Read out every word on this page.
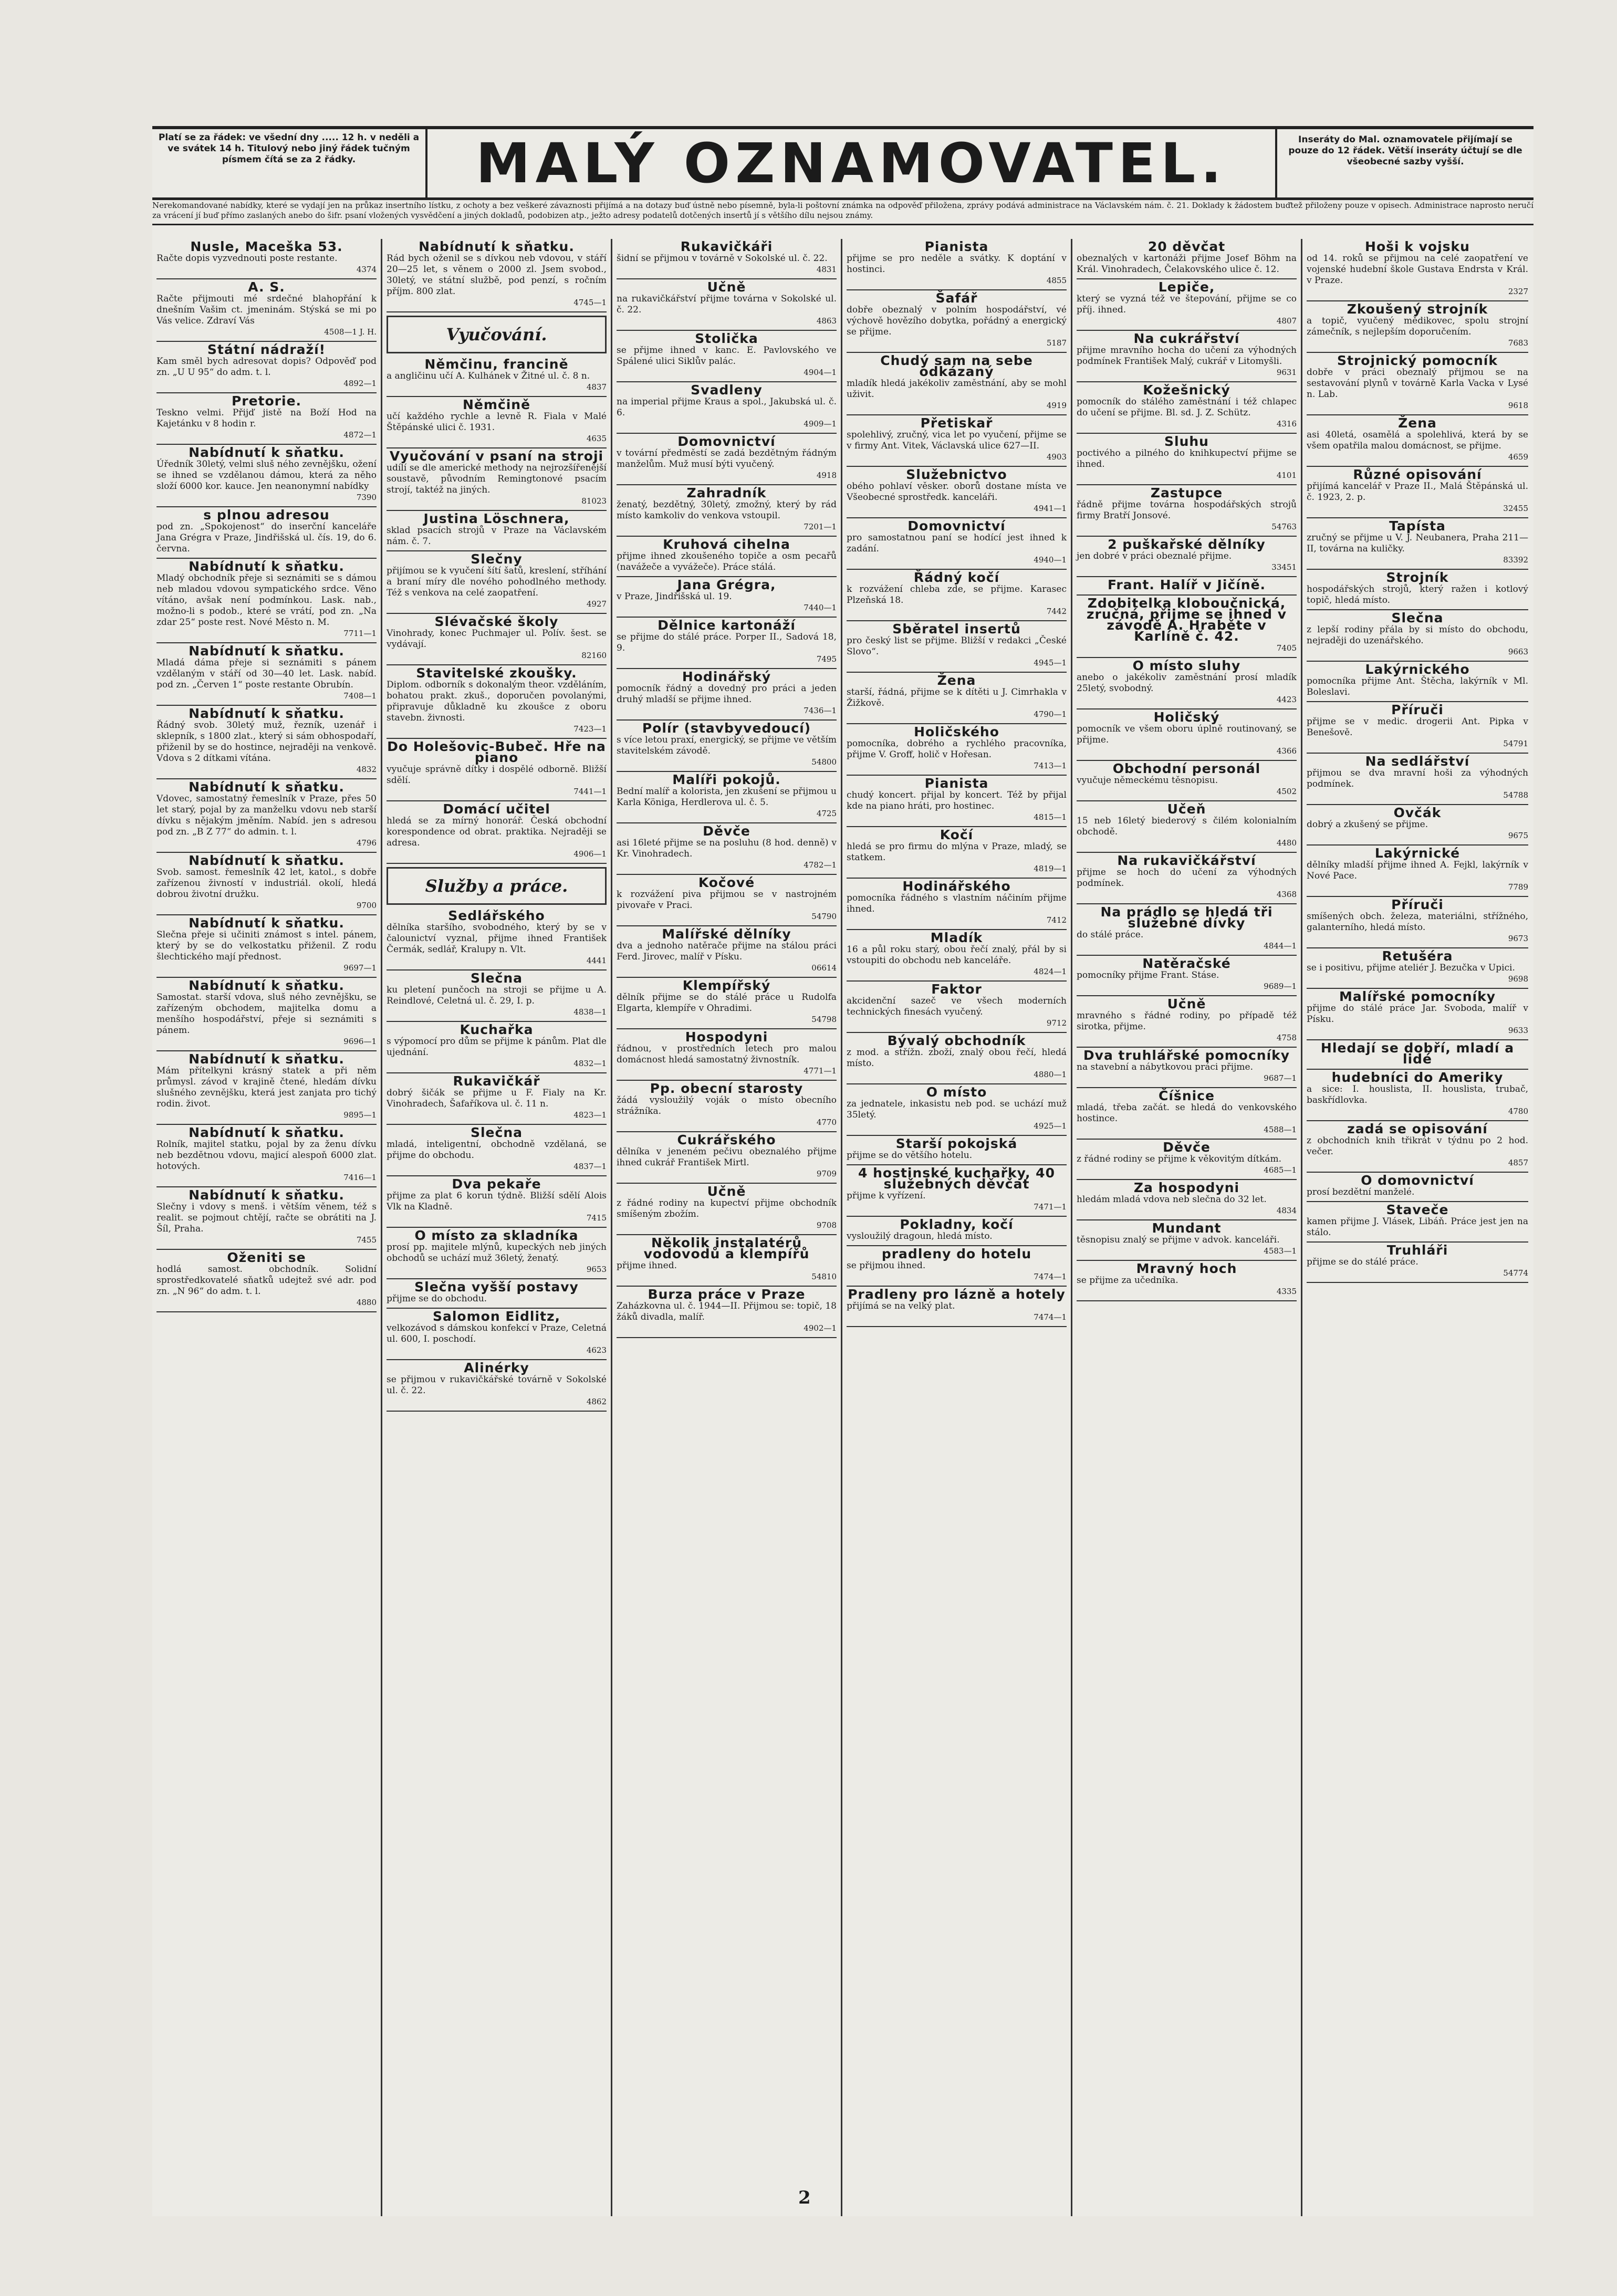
Platí se za řádek: ve všední dny ..... 12 h. v neděli a ve svátek 14 h. Titulový nebo jiný řádek tučným písmem čítá se za 2 řádky.	MALÝ OZNAMOVATEL.	Inseráty do Mal. oznamovatele přijímají se pouze do 12 řádek. Větší inseráty účtují se dle všeobecné sazby vyšší.
Nerekomandované nabídky, které se vydají jen na průkaz insertního lístku, z ochoty a bez veškeré závaznosti přijímá a na dotazy buď ústně nebo písemně, byla-li poštovní známka na odpověď přiložena, zprávy podává administrace na Václavském nám. č. 21. Doklady k žádostem buďtež přiloženy pouze v opisech. Administrace naprosto neručí za vrácení jí buď přímo zaslaných anebo do šifr. psaní vložených vysvědčení a jiných dokladů, podobizen atp., ježto adresy podatelů dotčených insertů jí s většího dílu nejsou známy.
Nusle, Maceška 53.
Račte dopis vyzvednouti poste restante.
4374
A. S.
Račte přijmouti mé srdečné blahopřání k dnešním Vašim ct. jmeninám. Stýská se mi po Vás velice. Zdraví Vás
4508—1 J. H.
Státní nádraží!
Kam směl bych adresovat dopis? Odpověď pod zn. „U U 95“ do adm. t. l.
4892—1
Pretorie.
Teskno velmi. Přijď jistě na Boží Hod na Kajetánku v 8 hodin r.
4872—1
Nabídnutí k sňatku.
Úředník 30letý, velmi sluš ného zevnějšku, ožení se ihned se vzdělanou dámou, která za něho složí 6000 kor. kauce. Jen neanonymní nabídky
7390
s plnou adresou
pod zn. „Spokojenost“ do inserční kanceláře Jana Grégra v Praze, Jindřišská ul. čís. 19, do 6. června.
Nabídnutí k sňatku.
Mladý obchodník přeje si seznámiti se s dámou neb mladou vdovou sympatického srdce. Věno vítáno, avšak není podmínkou. Lask. nab., možno-li s podob., které se vrátí, pod zn. „Na zdar 25“ poste rest. Nové Město n. M.
7711—1
Nabídnutí k sňatku.
Mladá dáma přeje si seznámiti s pánem vzdělaným v stáří od 30—40 let. Lask. nabíd. pod zn. „Červen 1“ poste restante Obrubín.
7408—1
Nabídnutí k sňatku.
Řádný svob. 30letý muž, řezník, uzenář i sklepník, s 1800 zlat., který si sám obhospodaří, přiženil by se do hostince, nejraději na venkově. Vdova s 2 dítkami vítána.
4832
Nabídnutí k sňatku.
Vdovec, samostatný řemeslník v Praze, přes 50 let starý, pojal by za manželku vdovu neb starší dívku s nějakým jměním. Nabíd. jen s adresou pod zn. „B Z 77“ do admin. t. l.
4796
Nabídnutí k sňatku.
Svob. samost. řemeslník 42 let, katol., s dobře zařízenou živností v industriál. okolí, hledá dobrou životní družku.
9700
Nabídnutí k sňatku.
Slečna přeje si učiniti známost s intel. pánem, který by se do velkostatku přiženil. Z rodu šlechtického mají přednost.
9697—1
Nabídnutí k sňatku.
Samostat. starší vdova, sluš ného zevnějšku, se zařízeným obchodem, majitelka domu a menšího hospodářství, přeje si seznámiti s pánem.
9696—1
Nabídnutí k sňatku.
Mám přítelkyni krásný statek a při něm průmysl. závod v krajině čtené, hledám dívku slušného zevnějšku, která jest zanjata pro tichý rodin. život.
9895—1
Nabídnutí k sňatku.
Rolník, majitel statku, pojal by za ženu dívku neb bezdětnou vdovu, majicí alespoň 6000 zlat. hotových.
7416—1
Nabídnutí k sňatku.
Slečny i vdovy s menš. i větším věnem, též s realit. se pojmout chtějí, račte se obrátiti na J. Šíl, Praha.
7455
Oženiti se
hodlá samost. obchodník. Solidní sprostředkovatelé sňatků udejtež své adr. pod zn. „N 96“ do adm. t. l.
4880
Nabídnutí k sňatku.
Rád bych oženil se s dívkou neb vdovou, v stáří 20—25 let, s věnem o 2000 zl. Jsem svobod., 30letý, ve státní službě, pod penzí, s ročním příjm. 800 zlat.
4745—1
Vyučování.
Němčinu, francině
a angličinu učí A. Kulhánek v Žitné ul. č. 8 n.
4837
Němčině
učí každého rychle a levně R. Fiala v Malé Štěpánské ulici č. 1931.
4635
Vyučování v psaní na stroji
udílí se dle americké methody na nejrozšířenější soustavě, původním Remingtonové psacím strojí, taktéž na jiných.
81023
Justina Löschnera,
sklad psacích strojů v Praze na Václavském nám. č. 7.
Slečny
přijímou se k vyučení šítí šatů, kreslení, stříhání a braní míry dle nového pohodlného methody. Též s venkova na celé zaopatření.
4927
Slévačské školy
Vinohrady, konec Puchmajer ul. Polív. šest. se vydávají.
82160
Stavitelské zkoušky.
Diplom. odborník s dokonalým theor. vzděláním, bohatou prakt. zkuš., doporučen povolanými, připravuje důkladně ku zkoušce z oboru stavebn. živnosti.
7423—1
Do Holešovic-Bubeč. Hře na piano
vyučuje správně dítky i dospělé odborně. Bližší sdělí.
7441—1
Domácí učitel
hledá se za mírný honorář. Česká obchodní korespondence od obrat. praktika. Nejraději se adresa.
4906—1
Služby a práce.
Sedlářského
dělníka staršího, svobodného, který by se v čalounictví vyznal, přijme ihned František Čermák, sedlář, Kralupy n. Vlt.
4441
Slečna
ku pletení punčoch na stroji se přijme u A. Reindlové, Celetná ul. č. 29, I. p.
4838—1
Kuchařka
s výpomocí pro dům se přijme k pánům. Plat dle ujednání.
4832—1
Rukavičkář
dobrý šičák se přijme u F. Fialy na Kr. Vinohradech, Šafaříkova ul. č. 11 n.
4823—1
Slečna
mladá, inteligentní, obchodně vzdělaná, se přijme do obchodu.
4837—1
Dva pekaře
přijme za plat 6 korun týdně. Bližší sdělí Alois Vlk na Kladně.
7415
O místo za skladníka
prosí pp. majitele mlýnů, kupeckých neb jiných obchodů se uchází muž 36letý, ženatý.
9653
Slečna vyšší postavy
přijme se do obchodu.
Salomon Eidlitz,
velkozávod s dámskou konfekcí v Praze, Celetná ul. 600, I. poschodí.
4623
Alinérky
se přijmou v rukavičkářské továrně v Sokolské ul. č. 22.
4862
Rukavičkáři
šidní se přijmou v továrně v Sokolské ul. č. 22.
4831
Učně
na rukavičkářství přijme továrna v Sokolské ul. č. 22.
4863
Stolička
se přijme ihned v kanc. E. Pavlovského ve Spálené ulici Siklův palác.
4904—1
Svadleny
na imperial přijme Kraus a spol., Jakubská ul. č. 6.
4909—1
Domovnictví
v tovární předměstí se zadá bezdětným řádným manželům. Muž musí býti vyučený.
4918
Zahradník
ženatý, bezdětný, 30letý, zmožný, který by rád místo kamkoliv do venkova vstoupil.
7201—1
Kruhová cihelna
přijme ihned zkoušeného topiče a osm pecařů (navážeče a vyvážeče). Práce stálá.
Jana Grégra,
v Praze, Jindřišská ul. 19.
7440—1
Dělnice kartonáží
se přijme do stálé práce. Porper II., Sadová 18, 9.
7495
Hodinářský
pomocník řádný a dovedný pro práci a jeden druhý mladší se přijme ihned.
7436—1
Polír (stavbyvedoucí)
s více letou praxí, energický, se přijme ve větším stavitelském závodě.
54800
Malíři pokojů.
Bední malíř a kolorista, jen zkušení se přijmou u Karla Königa, Herdlerova ul. č. 5.
4725
Děvče
asi 16leté přijme se na posluhu (8 hod. denně) v Kr. Vinohradech.
4782—1
Kočové
k rozvážení piva přijmou se v nastrojném pivovaře v Praci.
54790
Malířské dělníky
dva a jednoho natěrače přijme na stálou práci Ferd. Jirovec, malíř v Písku.
06614
Klempířský
dělník přijme se do stálé práce u Rudolfa Elgarta, klempíře v Ohradimi.
54798
Hospodyni
řádnou, v prostředních letech pro malou domácnost hledá samostatný živnostník.
4771—1
Pp. obecní starosty
žádá vysloužilý voják o místo obecního strážníka.
4770
Cukrářského
dělníka v jeneném pečivu obeznalého přijme ihned cukrář František Mirtl.
9709
Učně
z řádné rodiny na kupectví přijme obchodník smíšeným zbožím.
9708
Několik instalatérů vodovodů a klempířů
přijme ihned.
54810
Burza práce v Praze
Zaházkovna ul. č. 1944—II. Přijmou se: topič, 18 žáků divadla, malíř.
4902—1
Pianista
přijme se pro neděle a svátky. K doptání v hostinci.
4855
Šafář
dobře obeznalý v polním hospodářství, vé výchově hovězího dobytka, pořádný a energický se přijme.
5187
Chudý sam na sebe odkázaný
mladík hledá jakékoliv zaměstnání, aby se mohl uživit.
4919
Přetiskař
spolehlivý, zručný, vica let po vyučení, přijme se v firmy Ant. Vitek, Václavská ulice 627—II.
4903
Služebnictvo
obého pohlaví věsker. oborů dostane místa ve Všeobecné sprostředk. kanceláři.
4941—1
Domovnictví
pro samostatnou paní se hodící jest ihned k zadání.
4940—1
Řádný kočí
k rozvážení chleba zde, se přijme. Karasec Plzeňská 18.
7442
Sběratel insertů
pro český list se přijme. Bližší v redakci „České Slovo“.
4945—1
Žena
starší, řádná, přijme se k dítěti u J. Cimrhakla v Žižkově.
4790—1
Holičského
pomocníka, dobrého a rychlého pracovníka, přijme V. Groff, holič v Hořesan.
7413—1
Pianista
chudý koncert. přijal by koncert. Též by přijal kde na piano hráti, pro hostinec.
4815—1
Kočí
hledá se pro firmu do mlýna v Praze, mladý, se statkem.
4819—1
Hodinářského
pomocníka řádného s vlastním náčiním přijme ihned.
7412
Mladík
16 a půl roku starý, obou řečí znalý, přál by si vstoupiti do obchodu neb kanceláře.
4824—1
Faktor
akcidenční sazeč ve všech moderních technických finesách vyučený.
9712
Bývalý obchodník
z mod. a střížn. zboží, znalý obou řečí, hledá místo.
4880—1
O místo
za jednatele, inkasistu neb pod. se uchází muž 35letý.
4925—1
Starší pokojská
přijme se do většího hotelu.
4 hostinské kuchařky, 40 služebných děvčat
přijme k vyřízení.
7471—1
Pokladny, kočí
vysloužilý dragoun, hledá místo.
pradleny do hotelu
se přijmou ihned.
7474—1
Pradleny pro lázně a hotely
přijímá se na velký plat.
7474—1
20 děvčat
obeznalých v kartonáži přijme Josef Böhm na Král. Vinohradech, Čelakovského ulice č. 12.
Lepiče,
který se vyzná též ve štepování, přijme se co příj. ihned.
4807
Na cukrářství
přijme mravního hocha do učení za výhodných podmínek František Malý, cukrář v Litomyšli.
9631
Kožešnický
pomocník do stálého zaměstnání i též chlapec do učení se přijme. Bl. sd. J. Z. Schütz.
4316
Sluhu
poctivého a pilného do knihkupectví přijme se ihned.
4101
Zastupce
řádně přijme továrna hospodářských strojů firmy Bratří Jonsové.
54763
2 puškařské dělníky
jen dobré v práci obeznalé přijme.
33451
Frant. Halíř v Jičíně.
Zdobitelka kloboučnická, zručná, přijme se ihned v závodě A. Hraběte v Karlíně č. 42.
7405
O místo sluhy
anebo o jakékoliv zaměstnání prosí mladík 25letý, svobodný.
4423
Holičský
pomocník ve všem oboru úplně routinovaný, se přijme.
4366
Obchodní personál
vyučuje německému těsnopisu.
4502
Učeň
15 neb 16letý biederový s čilém kolonialním obchodě.
4480
Na rukavičkářství
přijme se hoch do učení za výhodných podmínek.
4368
Na prádlo se hledá tři služebné dívky
do stálé práce.
4844—1
Natěračské
pomocníky přijme Frant. Stáse.
9689—1
Učně
mravného s řádné rodiny, po případě též sirotka, přijme.
4758
Dva truhlářské pomocníky
na stavební a nábytkovou práci přijme.
9687—1
Číšnice
mladá, třeba začát. se hledá do venkovského hostince.
4588—1
Děvče
z řádné rodiny se přijme k věkovitým dítkám.
4685—1
Za hospodyni
hledám mladá vdova neb slečna do 32 let.
4834
Mundant
těsnopisu znalý se přijme v advok. kanceláři.
4583—1
Mravný hoch
se přijme za učedníka.
4335
Hoši k vojsku
od 14. roků se přijmou na celé zaopatření ve vojenské hudební škole Gustava Endrsta v Král. v Praze.
2327
Zkoušený strojník
a topič, vyučený mědikovec, spolu strojní zámečník, s nejlepším doporučením.
7683
Strojnický pomocník
dobře v práci obeznalý přijmou se na sestavování plynů v továrně Karla Vacka v Lysé n. Lab.
9618
Žena
asi 40letá, osamělá a spolehlivá, která by se všem opatřila malou domácnost, se přijme.
4659
Různé opisování
přijímá kancelář v Praze II., Malá Štěpánská ul. č. 1923, 2. p.
32455
Tapísta
zručný se přijme u V. J. Neubanera, Praha 211—II, továrna na kuličky.
83392
Strojník
hospodářských strojů, který ražen i kotlový topič, hledá místo.
Slečna
z lepší rodiny přála by si místo do obchodu, nejraději do uzenářského.
9663
Lakýrnického
pomocníka přijme Ant. Štěcha, lakýrník v Ml. Boleslavi.
Příruči
přijme se v medic. drogerii Ant. Pipka v Benešově.
54791
Na sedlářství
přijmou se dva mravní hoši za výhodných podmínek.
54788
Ovčák
dobrý a zkušený se přijme.
9675
Lakýrnické
dělníky mladší přijme ihned A. Fejkl, lakýrník v Nové Pace.
7789
Příruči
smíšených obch. železa, materiálni, střížného, galanterního, hledá místo.
9673
Retušéra
se i positivu, přijme ateliér J. Bezučka v Upici.
9698
Malířské pomocníky
přijme do stálé práce Jar. Svoboda, malíř v Písku.
9633
Hledají se dobří, mladí a lidé
hudebníci do Ameriky
a sice: I. houslista, II. houslista, trubač, baskřídlovka.
4780
zadá se opisování
z obchodních knih třikrát v týdnu po 2 hod. večer.
4857
O domovnictví
prosí bezdětní manželé.
Staveče
kamen přijme J. Vlásek, Libáň. Práce jest jen na stálo.
Truhláři
přijme se do stálé práce.
54774
2
